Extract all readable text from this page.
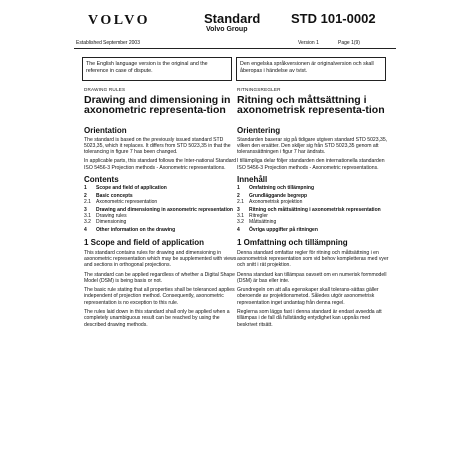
VOLVO	Standard
Volvo Group
STD 101-0002
Established September 2003	Version 1	Page 1(9)
The English language version is the original and the reference in case of dispute.
Den engelska språkversionen är originalversion och skall åberopas i händelse av tvist.
DRAWING RULES
Drawing and dimensioning in axonometric representa-tion
Orientation

The standard is based on the previously issued standard STD 5023,35, which it replaces. It differs from STD 5023,35 in that the tolerancing in figure 7 has been changed.

In applicable parts, this standard follows the Inter-national Standard ISO 5456-3 Projection methods - Axonometric representations.

Contents
1	Scope and field of application
2	Basic concepts
2.1	Axonometric representation
3	Drawing and dimensioning in axonometric representation
3.1	Drawing rules
3.2	Dimensioning
4	Other information on the drawing
1 Scope and field of application

This standard contains rules for drawing and dimensioning in axonometric representation which may be supplemented with views and sections in orthogonal projections.

The standard can be applied regardless of whether a Digital Shape Model (DSM) is being basis or not.

The basic rule stating that all properties shall be toleranced applies independent of projection method. Consequently, axonometric representation is no exception to this rule.

The rules laid down in this standard shall only be applied when a completely unambiguous result can be reached by using the described drawing methods.

RITNINGSREGLER
Ritning och måttsättning i axonometrisk representa-tion
Orientering

Standarden baserar sig på tidigare utgiven standard STD 5023,35, vilken den ersätter. Den skiljer sig från STD 5023,35 genom att toleranssättningen i figur 7 har ändrats.

I tillämpliga delar följer standarden den internationella standarden ISO 5456-3 Projection methods - Axonometric representations.

Innehåll
1	Omfattning och tillämpning
2	Grundläggande begrepp
2.1	Axonometrisk projektion
3	Ritning och måttsättning i axonometrisk representation
3.1	Ritregler
3.2	Måttsättning
4	Övriga uppgifter på ritningen
1 Omfattning och tillämpning

Denna standard omfattar regler för ritning och måttsättning i en axonometrisk representation som vid behov kompletteras med vyer och snitt i rät projektion.

Denna standard kan tillämpas oavsett om en numerisk formmodell (DSM) är bas eller inte.

Grundregeln om att alla egenskaper skall tolerans-sättas gäller oberoende av projektionsmetod. Således utgör axonometrisk representation inget undantag från denna regel.

Reglerna som läggs fast i denna standard är endast avsedda att tillämpas i de fall då fullständig entydighet kan uppnås med beskrivet ritsätt.
